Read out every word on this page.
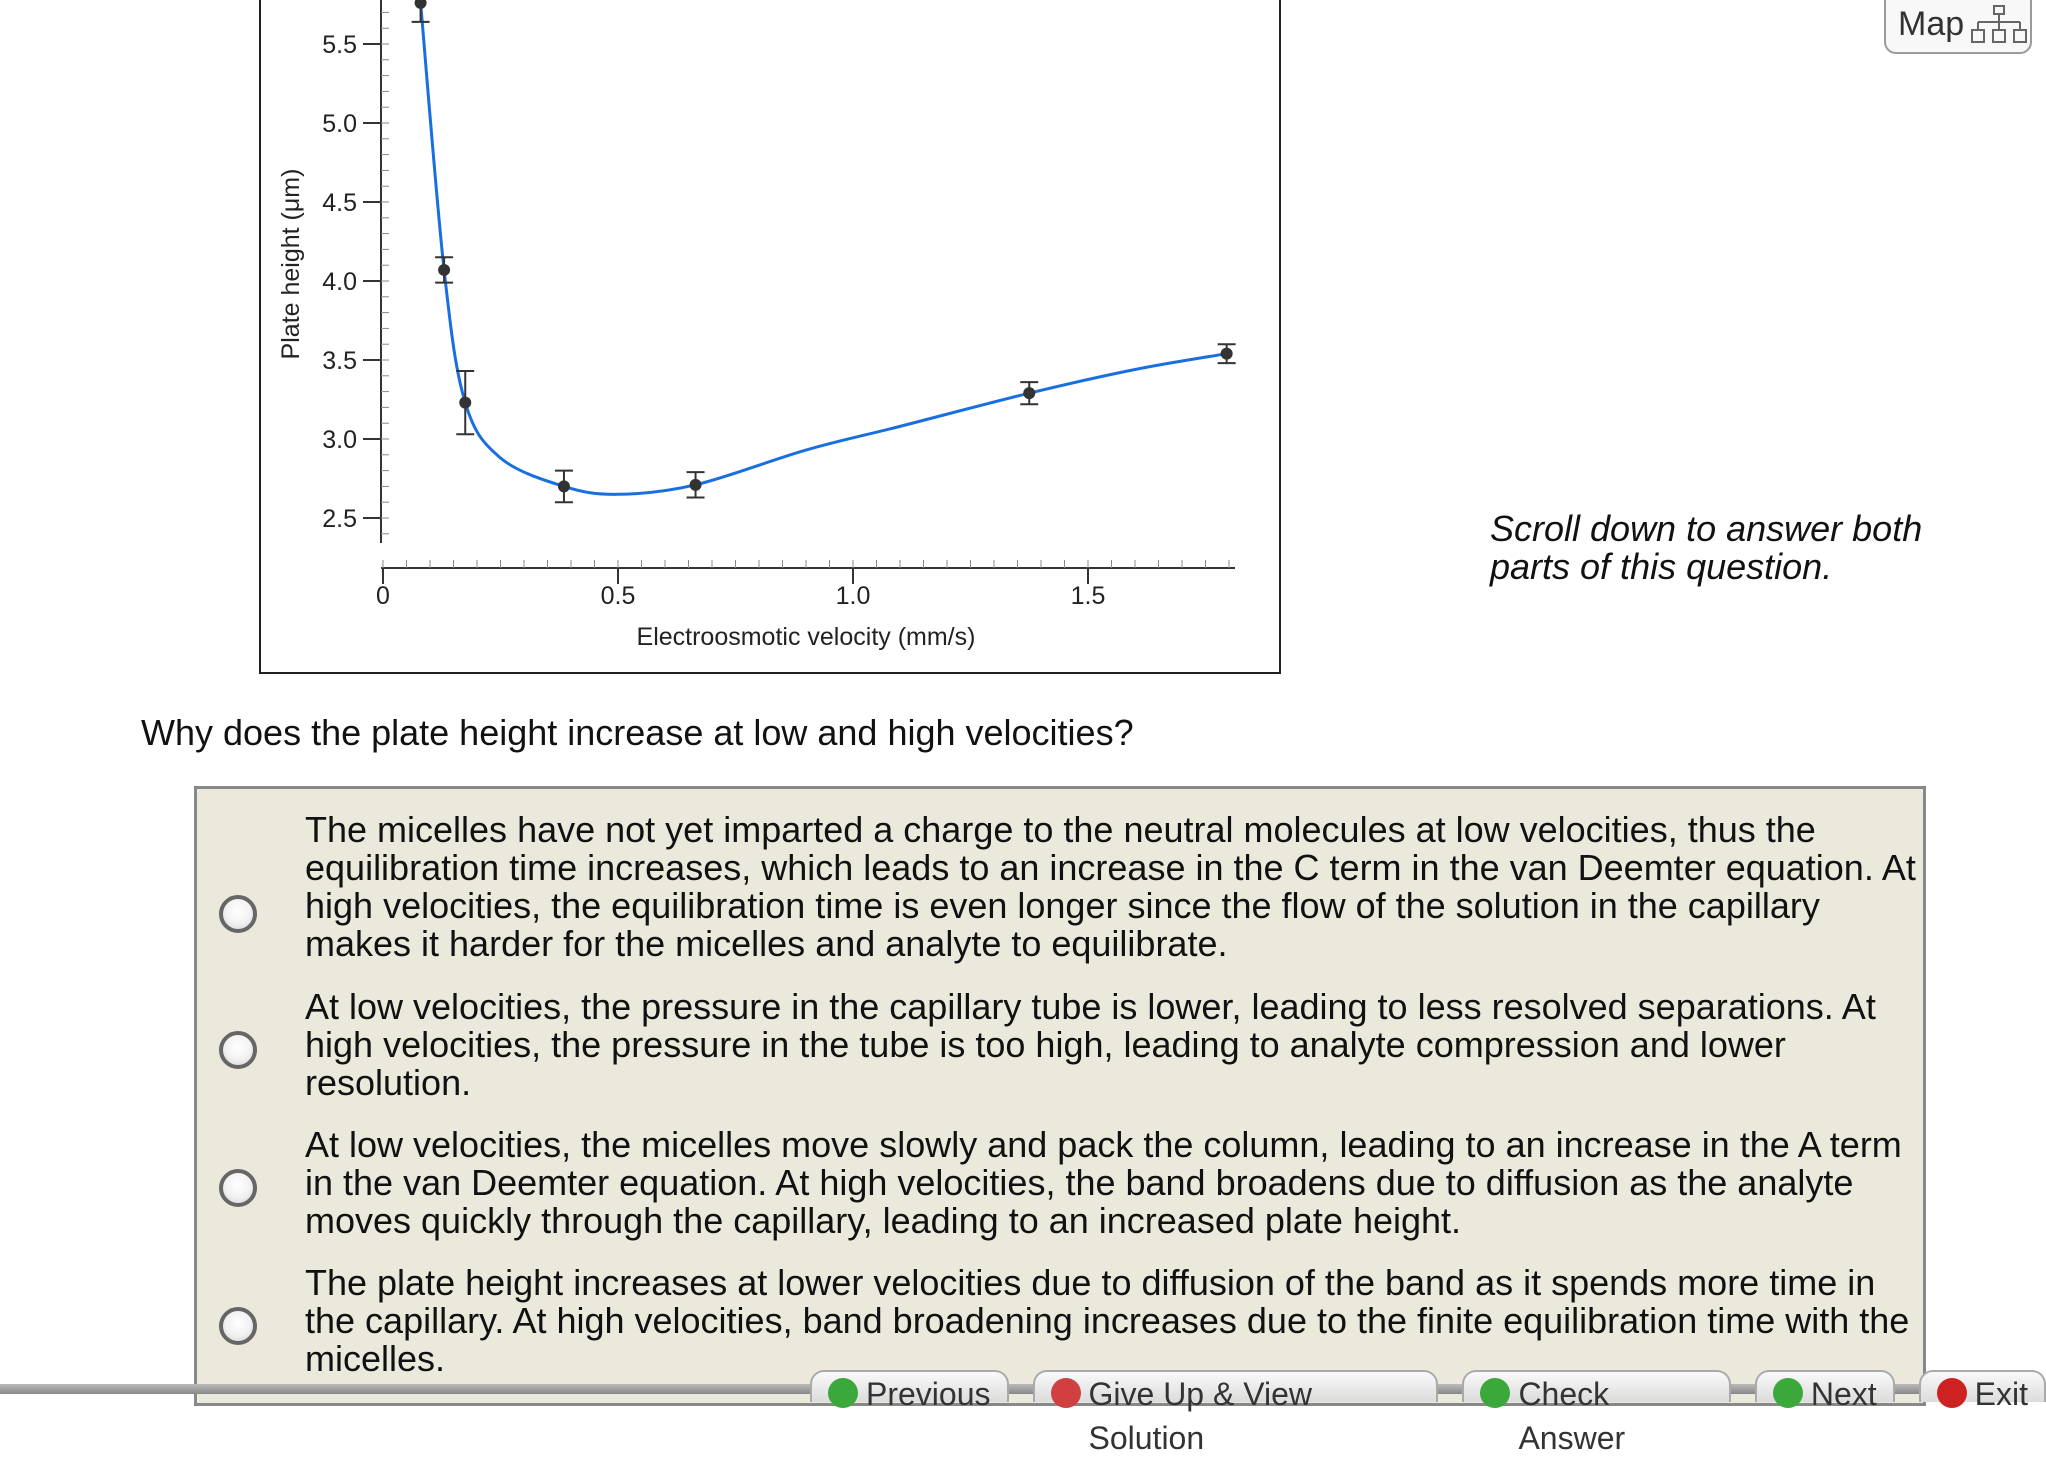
Map
2.5
3.0
3.5
4.0
4.5
5.0
5.5
0	0.5	1.0	1.5
Plate height (μm)
Electroosmotic velocity (mm/s)
Scroll down to answer both parts of this question.
Why does the plate height increase at low and high velocities?
The micelles have not yet imparted a charge to the neutral molecules at low velocities, thus the equilibration time increases, which leads to an increase in the C term in the van Deemter equation. At high velocities, the equilibration time is even longer since the flow of the solution in the capillary makes it harder for the micelles and analyte to equilibrate.
At low velocities, the pressure in the capillary tube is lower, leading to less resolved separations. At high velocities, the pressure in the tube is too high, leading to analyte compression and lower resolution.
At low velocities, the micelles move slowly and pack the column, leading to an increase in the A term in the van Deemter equation. At high velocities, the band broadens due to diffusion as the analyte moves quickly through the capillary, leading to an increased plate height.
The plate height increases at lower velocities due to diffusion of the band as it spends more time in the capillary. At high velocities, band broadening increases due to the finite equilibration time with the micelles.
Previous	Give Up & View Solution
Check Answer
Next	Exit
